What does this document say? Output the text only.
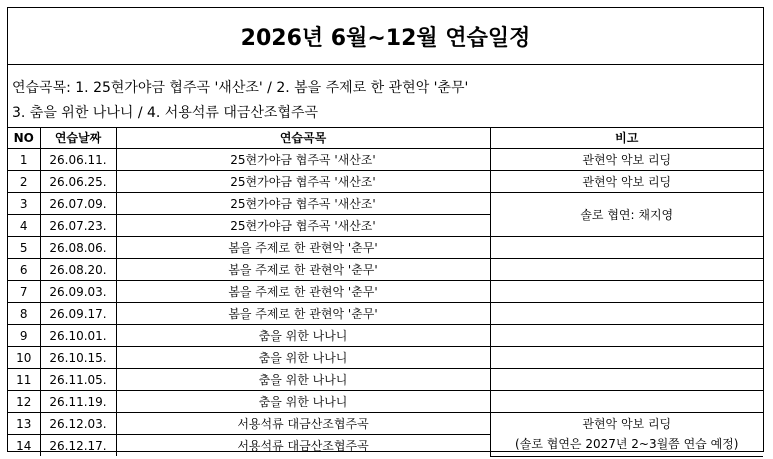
2026년 6월~12월 연습일정
연습곡목: 1. 25현가야금 협주곡 '새산조' / 2. 봄을 주제로 한 관현악 '춘무'
3. 춤을 위한 나나니 / 4. 서용석류 대금산조협주곡
NO	연습날짜	연습곡목	비고
1	26.06.11.	25현가야금 협주곡 '새산조'	관현악 악보 리딩
2	26.06.25.	25현가야금 협주곡 '새산조'	관현악 악보 리딩
3	26.07.09.	25현가야금 협주곡 '새산조'	솔로 협연: 채지영
4	26.07.23.	25현가야금 협주곡 '새산조'	
5	26.08.06.	봄을 주제로 한 관현악 '춘무'	
6	26.08.20.	봄을 주제로 한 관현악 '춘무'	
7	26.09.03.	봄을 주제로 한 관현악 '춘무'	
8	26.09.17.	봄을 주제로 한 관현악 '춘무'	
9	26.10.01.	춤을 위한 나나니	
10	26.10.15.	춤을 위한 나나니	
11	26.11.05.	춤을 위한 나나니	
12	26.11.19.	춤을 위한 나나니	
13	26.12.03.	서용석류 대금산조협주곡	관현악 악보 리딩
(솔로 협연은 2027년 2~3월쯤 연습 예정)

14	26.12.17.	서용석류 대금산조협주곡	
